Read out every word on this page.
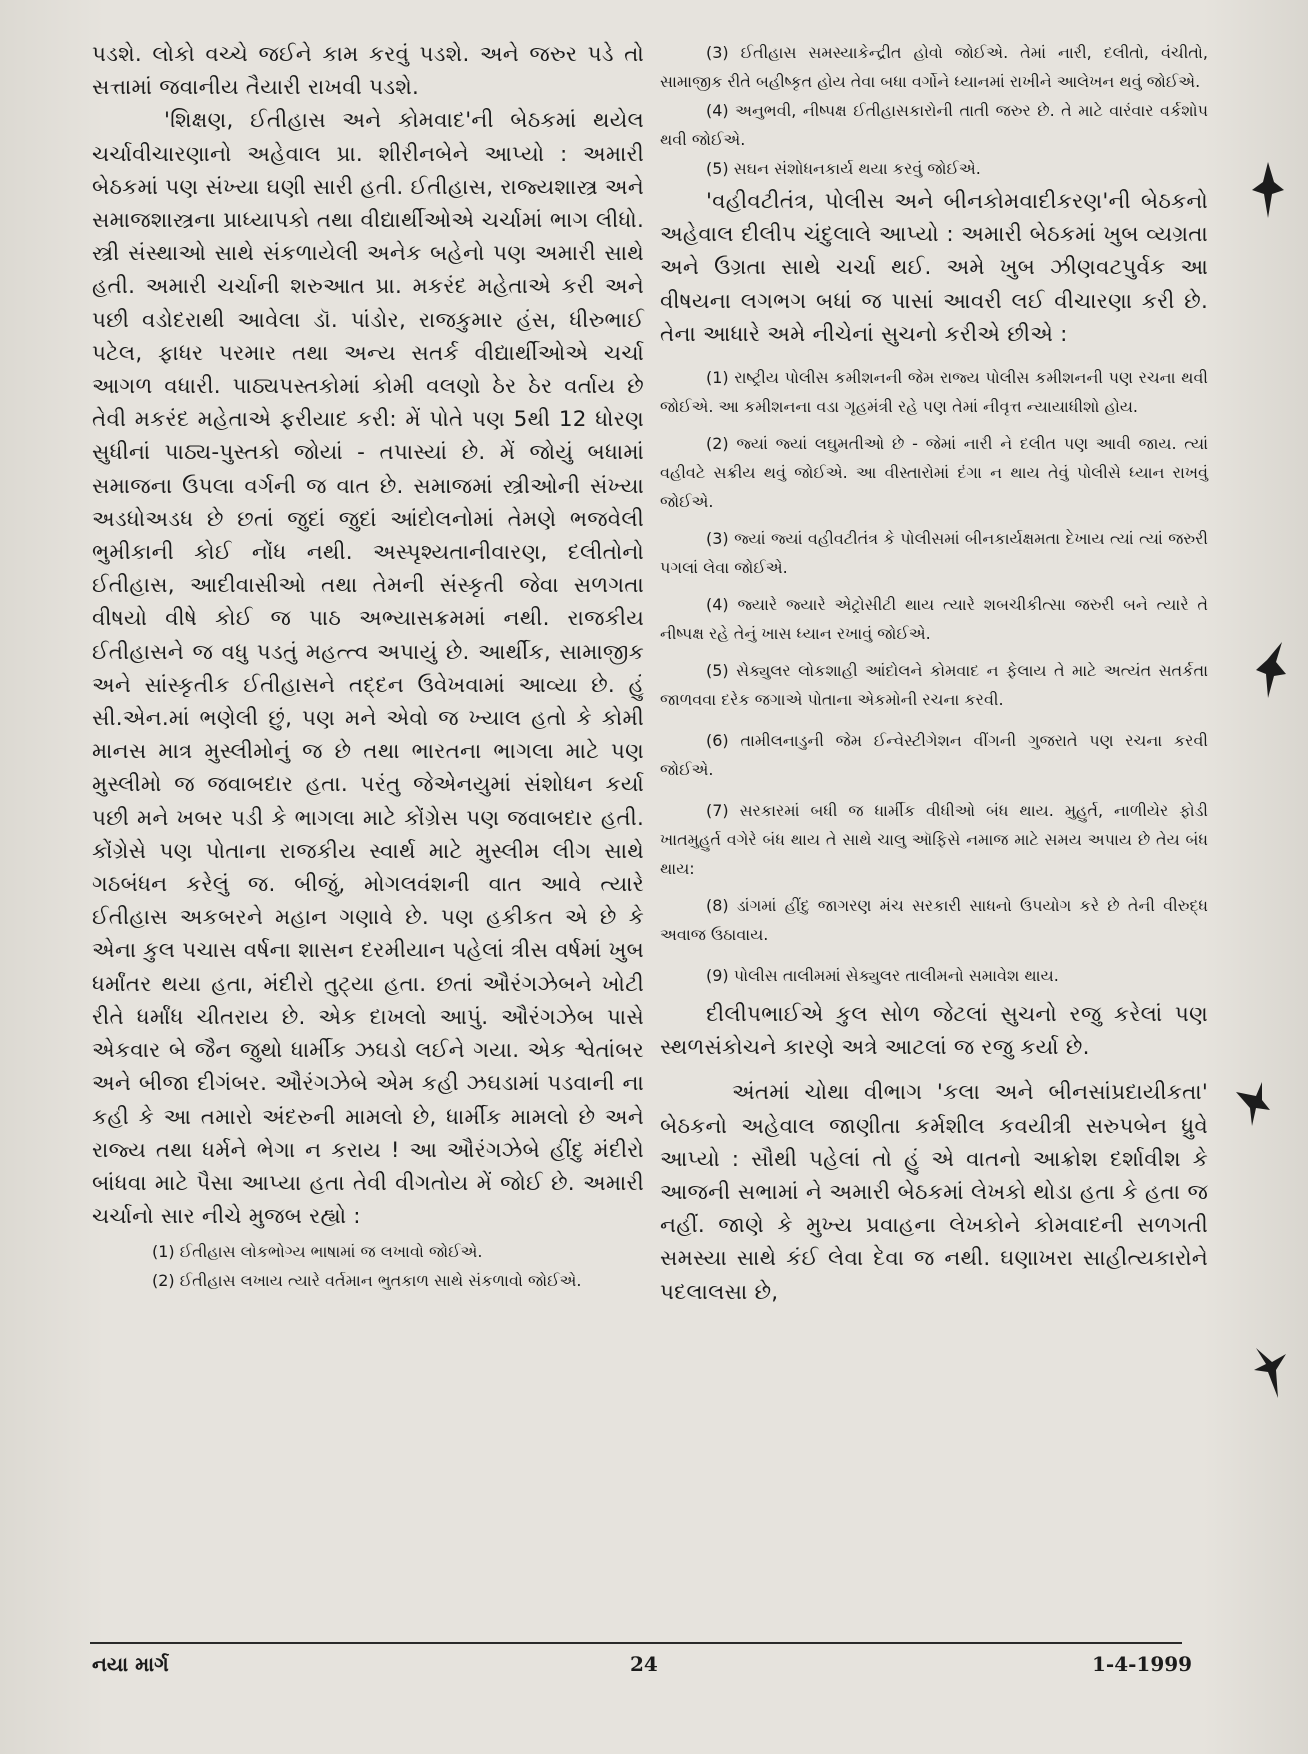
પડશે. લોકો વચ્ચે જઈને કામ કરવું પડશે. અને જરુર પડે તો સત્તામાં જવાનીય તૈયારી રાખવી પડશે.

'શિક્ષણ, ઈતીહાસ અને કોમવાદ'ની બેઠકમાં થયેલ ચર્ચાવીચારણાનો અહેવાલ પ્રા. શીરીનબેને આપ્યો : અમારી બેઠકમાં પણ સંખ્યા ઘણી સારી હતી. ઈતીહાસ, રાજ્યશાસ્ત્ર અને સમાજશાસ્ત્રના પ્રાધ્યાપકો તથા વીદ્યાર્થીઓએ ચર્ચામાં ભાગ લીધો. સ્ત્રી સંસ્થાઓ સાથે સંકળાયેલી અનેક બહેનો પણ અમારી સાથે હતી. અમારી ચર્ચાની શરુઆત પ્રા. મકરંદ મહેતાએ કરી અને પછી વડોદરાથી આવેલા ડૉ. પાંડોર, રાજકુમાર હંસ, ધીરુભાઈ પટેલ, ફાધર પરમાર તથા અન્ય સતર્ક વીદ્યાર્થીઓએ ચર્ચા આગળ વધારી. પાઠ્યપસ્તકોમાં કોમી વલણો ઠેર ઠેર વર્તાય છે તેવી મકરંદ મહેતાએ ફરીયાદ કરી: મેં પોતે પણ 5થી 12 ધોરણ સુધીનાં પાઠ્ય-પુસ્તકો જોયાં - તપાસ્યાં છે. મેં જોયું બધામાં સમાજના ઉપલા વર્ગની જ વાત છે. સમાજમાં સ્ત્રીઓની સંખ્યા અડધોઅડધ છે છતાં જુદાં જુદાં આંદોલનોમાં તેમણે ભજવેલી ભુમીકાની કોઈ નોંધ નથી. અસ્પૃશ્યતાનીવારણ, દલીતોનો ઈતીહાસ, આદીવાસીઓ તથા તેમની સંસ્કૃતી જેવા સળગતા વીષયો વીષે કોઈ જ પાઠ અભ્યાસક્રમમાં નથી. રાજકીય ઈતીહાસને જ વધુ પડતું મહત્ત્વ અપાયું છે. આર્થીક, સામાજીક અને સાંસ્કૃતીક ઈતીહાસને તદ્દન ઉવેખવામાં આવ્યા છે. હું સી.એન.માં ભણેલી છું, પણ મને એવો જ ખ્યાલ હતો કે કોમી માનસ માત્ર મુસ્લીમોનું જ છે તથા ભારતના ભાગલા માટે પણ મુસ્લીમો જ જવાબદાર હતા. પરંતુ જેએનયુમાં સંશોધન કર્યા પછી મને ખબર પડી કે ભાગલા માટે કોંગ્રેસ પણ જવાબદાર હતી. કોંગ્રેસે પણ પોતાના રાજકીય સ્વાર્થ માટે મુસ્લીમ લીગ સાથે ગઠબંધન કરેલું જ. બીજું, મોગલવંશની વાત આવે ત્યારે ઈતીહાસ અકબરને મહાન ગણાવે છે. પણ હકીકત એ છે કે એના કુલ પચાસ વર્ષના શાસન દરમીયાન પહેલાં ત્રીસ વર્ષમાં ખુબ ધર્માંતર થયા હતા, મંદીરો તુટ્યા હતા. છતાં ઔરંગઝેબને ખોટી રીતે ધર્માંધ ચીતરાય છે. એક દાખલો આપું. ઔરંગઝેબ પાસે એકવાર બે જૈન જુથો ધાર્મીક ઝઘડો લઈને ગયા. એક શ્વેતાંબર અને બીજા દીગંબર. ઔરંગઝેબે એમ કહી ઝઘડામાં પડવાની ના કહી કે આ તમારો અંદરુની મામલો છે, ધાર્મીક મામલો છે અને રાજ્ય તથા ધર્મને ભેગા ન કરાય ! આ ઔરંગઝેબે હીંદુ મંદીરો બાંધવા માટે પૈસા આપ્યા હતા તેવી વીગતોય મેં જોઈ છે. અમારી ચર્ચાનો સાર નીચે મુજબ રહ્યો :

(1) ઈતીહાસ લોકભોગ્ય ભાષામાં જ લખાવો જોઈએ.

(2) ઈતીહાસ લખાય ત્યારે વર્તમાન ભુતકાળ સાથે સંકળાવો જોઈએ.

(3) ઈતીહાસ સમસ્યાકેન્દ્રીત હોવો જોઈએ. તેમાં નારી, દલીતો, વંચીતો, સામાજીક રીતે બહીષ્કૃત હોય તેવા બધા વર્ગોને ધ્યાનમાં રાખીને આલેખન થવું જોઈએ.

(4) અનુભવી, નીષ્પક્ષ ઈતીહાસકારોની તાતી જરુર છે. તે માટે વારંવાર વર્કશોપ થવી જોઈએ.

(5) સઘન સંશોધનકાર્ય થયા કરવું જોઈએ.

'વહીવટીતંત્ર, પોલીસ અને બીનકોમવાદીકરણ'ની બેઠકનો અહેવાલ દીલીપ ચંદુલાલે આપ્યો : અમારી બેઠકમાં ખુબ વ્યગ્રતા અને ઉગ્રતા સાથે ચર્ચા થઈ. અમે ખુબ ઝીણવટપુર્વક આ વીષયના લગભગ બધાં જ પાસાં આવરી લઈ વીચારણા કરી છે. તેના આધારે અમે નીચેનાં સુચનો કરીએ છીએ :

(1) રાષ્ટ્રીય પોલીસ કમીશનની જેમ રાજ્ય પોલીસ કમીશનની પણ રચના થવી જોઈએ. આ કમીશનના વડા ગૃહમંત્રી રહે પણ તેમાં નીવૃત્ત ન્યાયાધીશો હોય.

(2) જ્યાં જ્યાં લઘુમતીઓ છે - જેમાં નારી ને દલીત પણ આવી જાય. ત્યાં વહીવટે સક્રીય થવું જોઈએ. આ વીસ્તારોમાં દંગા ન થાય તેવું પોલીસે ધ્યાન રાખવું જોઈએ.

(3) જ્યાં જ્યાં વહીવટીતંત્ર કે પોલીસમાં બીનકાર્યક્ષમતા દેખાય ત્યાં ત્યાં જરુરી પગલાં લેવા જોઈએ.

(4) જ્યારે જ્યારે એટ્રોસીટી થાય ત્યારે શબચીકીત્સા જરુરી બને ત્યારે તે નીષ્પક્ષ રહે તેનું ખાસ ધ્યાન રખાવું જોઈએ.

(5) સેક્યુલર લોકશાહી આંદોલને કોમવાદ ન ફેલાય તે માટે અત્યંત સતર્કતા જાળવવા દરેક જગાએ પોતાના એકમોની રચના કરવી.

(6) તામીલનાડુની જેમ ઈન્વેસ્ટીગેશન વીંગની ગુજરાતે પણ રચના કરવી જોઈએ.

(7) સરકારમાં બધી જ ધાર્મીક વીધીઓ બંધ થાય. મુહુર્ત, નાળીયેર ફોડી ખાતમુહુર્ત વગેરે બંધ થાય તે સાથે ચાલુ ઑફિસે નમાજ માટે સમય અપાય છે તેય બંધ થાય:

(8) ડાંગમાં હીંદુ જાગરણ મંચ સરકારી સાધનો ઉપયોગ કરે છે તેની વીરુદ્ધ અવાજ ઉઠાવાય.

(9) પોલીસ તાલીમમાં સેક્યુલર તાલીમનો સમાવેશ થાય.

દીલીપભાઈએ કુલ સોળ જેટલાં સુચનો રજુ કરેલાં પણ સ્થળસંકોચને કારણે અત્રે આટલાં જ રજુ કર્યા છે.

અંતમાં ચોથા વીભાગ 'કલા અને બીનસાંપ્રદાયીકતા' બેઠકનો અહેવાલ જાણીતા કર્મશીલ કવયીત્રી સરુપબેન ધ્રુવે આપ્યો : સૌથી પહેલાં તો હું એ વાતનો આક્રોશ દર્શાવીશ કે આજની સભામાં ને અમારી બેઠકમાં લેખકો થોડા હતા કે હતા જ નહીં. જાણે કે મુખ્ય પ્રવાહના લેખકોને કોમવાદની સળગતી સમસ્યા સાથે કંઈ લેવા દેવા જ નથી. ઘણાખરા સાહીત્યકારોને પદલાલસા છે,

નયા માર્ગ	24	1-4-1999
